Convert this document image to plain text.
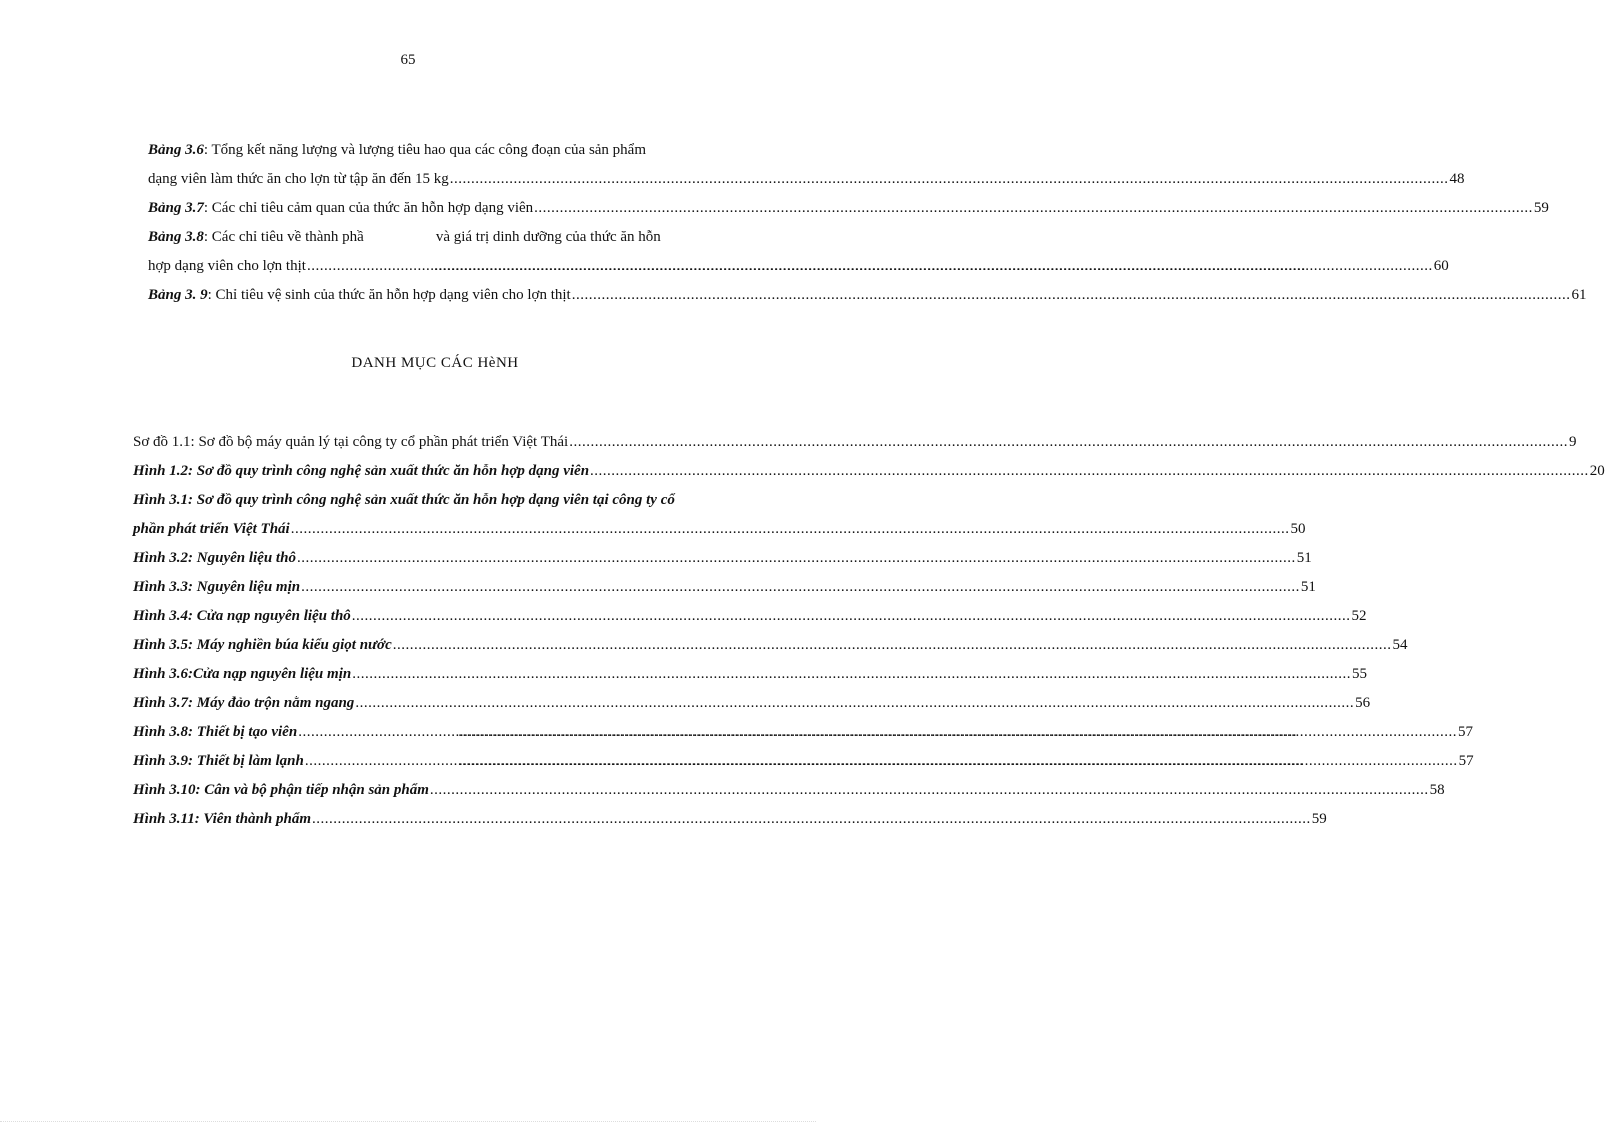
65
Bảng 3.6: Tổng kết năng lượng và lượng tiêu hao qua các công đoạn của sản phẩm
dạng viên làm thức ăn cho lợn từ tập ăn đến 15 kg .....	48
Bảng 3.7: Các chỉ tiêu cảm quan của thức ăn hỗn hợp dạng viên .....	59
Bảng 3.8: Các chỉ tiêu về thành phầ	và giá trị dinh dưỡng của thức ăn hỗn
hợp dạng viên cho lợn thịt ..... .....	60
Bảng 3. 9: Chỉ tiêu vệ sinh của thức ăn hỗn hợp dạng viên cho lợn thịt .....	61
DANH MỤC CÁC HèNH
Sơ đồ 1.1: Sơ đồ bộ máy quản lý tại công ty cổ phần phát triển Việt Thái .....	9
Hình 1.2: Sơ đồ quy trình công nghệ sản xuất thức ăn hỗn hợp dạng viên .....	20
Hình 3.1: Sơ đồ quy trình công nghệ sản xuất thức ăn hỗn hợp dạng viên tại công ty cổ
phần phát triển Việt Thái .....	50
Hình 3.2: Nguyên liệu thô .....	51
Hình 3.3: Nguyên liệu mịn .....	51
Hình 3.4: Cửa nạp nguyên liệu thô .....	52
Hình 3.5: Máy nghiền búa kiểu giọt nước .....	54
Hình 3.6:Cửa nạp nguyên liệu mịn .....	55
Hình 3.7: Máy đảo trộn nằm ngang .....	56
Hình 3.8: Thiết bị tạo viên ..... .....	57
Hình 3.9: Thiết bị làm lạnh ..... .....	57
Hình 3.10: Cân và bộ phận tiếp nhận sản phẩm .....	58
Hình 3.11: Viên thành phẩm .....	59
